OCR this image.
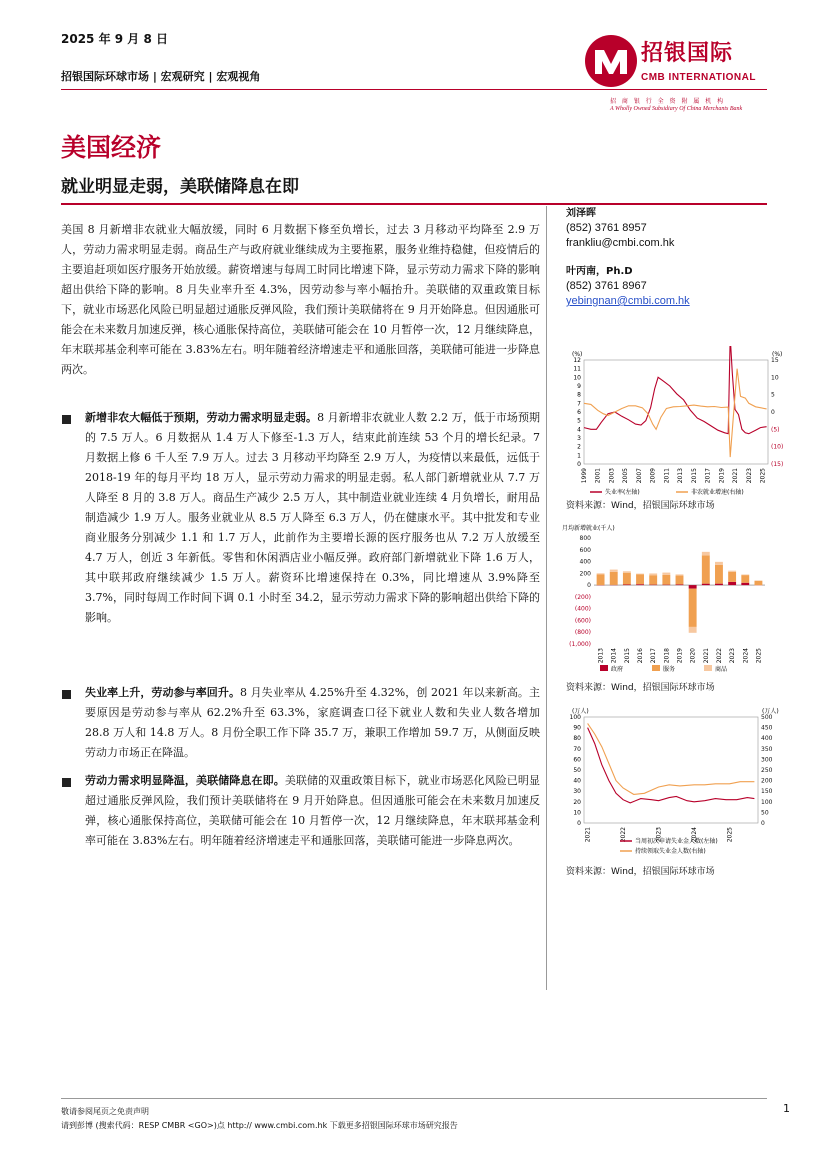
2025 年 9 月 8 日
招银国际环球市场 | 宏观研究 | 宏观视角
招银国际
CMB INTERNATIONAL
招 商 银 行 全 资 附 属 机 构
A Wholly Owned Subsidiary Of China Merchants Bank
美国经济
就业明显走弱，美联储降息在即
美国 8 月新增非农就业大幅放缓，同时 6 月数据下修至负增长，过去 3 月移动平均降至 2.9 万人，劳动力需求明显走弱。商品生产与政府就业继续成为主要拖累，服务业维持稳健，但疫情后的主要追赶项如医疗服务开始放缓。薪资增速与每周工时同比增速下降，显示劳动力需求下降的影响超出供给下降的影响。8 月失业率升至 4.3%，因劳动参与率小幅抬升。美联储的双重政策目标下，就业市场恶化风险已明显超过通胀反弹风险，我们预计美联储将在 9 月开始降息。但因通胀可能会在未来数月加速反弹，核心通胀保持高位，美联储可能会在 10 月暂停一次，12 月继续降息，年末联邦基金利率可能在 3.83%左右。明年随着经济增速走平和通胀回落，美联储可能进一步降息两次。
新增非农大幅低于预期，劳动力需求明显走弱。8 月新增非农就业人数 2.2 万，低于市场预期的 7.5 万人。6 月数据从 1.4 万人下修至-1.3 万人，结束此前连续 53 个月的增长纪录。7 月数据上修 6 千人至 7.9 万人。过去 3 月移动平均降至 2.9 万人，为疫情以来最低，远低于 2018-19 年的每月平均 18 万人，显示劳动力需求的明显走弱。私人部门新增就业从 7.7 万人降至 8 月的 3.8 万人。商品生产减少 2.5 万人，其中制造业就业连续 4 月负增长，耐用品制造减少 1.9 万人。服务业就业从 8.5 万人降至 6.3 万人，仍在健康水平。其中批发和专业商业服务分别减少 1.1 和 1.7 万人，此前作为主要增长源的医疗服务也从 7.2 万人放缓至 4.7 万人，创近 3 年新低。零售和休闲酒店业小幅反弹。政府部门新增就业下降 1.6 万人，其中联邦政府继续减少 1.5 万人。薪资环比增速保持在 0.3%，同比增速从 3.9%降至 3.7%，同时每周工作时间下调 0.1 小时至 34.2，显示劳动力需求下降的影响超出供给下降的影响。
失业率上升，劳动参与率回升。8 月失业率从 4.25%升至 4.32%，创 2021 年以来新高。主要原因是劳动参与率从 62.2%升至 63.3%，家庭调查口径下就业人数和失业人数各增加 28.8 万人和 14.8 万人。8 月份全职工作下降 35.7 万，兼职工作增加 59.7 万，从侧面反映劳动力市场正在降温。
劳动力需求明显降温，美联储降息在即。美联储的双重政策目标下，就业市场恶化风险已明显超过通胀反弹风险，我们预计美联储将在 9 月开始降息。但因通胀可能会在未来数月加速反弹，核心通胀保持高位，美联储可能会在 10 月暂停一次，12 月继续降息，年末联邦基金利率可能在 3.83%左右。明年随着经济增速走平和通胀回落，美联储可能进一步降息两次。
刘泽晖
(852) 3761 8957
frankliu@cmbi.com.hk
叶丙南，Ph.D
(852) 3761 8967
yebingnan@cmbi.com.hk
(%)	(%)
0
1
2
3
4
5
6
7
8
9
10
11
12	15
10
5
0
(5)
(10)
(15)
1999 2001 2003 2005 2007 2009 2011 2013 2015 2017 2019 2021 2023 2025
失业率(左轴)	非农就业增速(右轴)
资料来源：Wind，招银国际环球市场
月均新增就业(千人)
800
600
400
200
0
(200)
(400)
(600)
(800)
(1,000)
2013 2014 2015 2016 2017 2018 2019 2020 2021 2022 2023 2024 2025
政府	服务	商品
资料来源：Wind，招银国际环球市场
(万人)	(万人)
100
90
80
70
60
50
40
30
20
10
0
500
450
400
350
300
250
200
150
100
50
0
2021	2022	2023	2024	2025
当周初次申请失业金人数(左轴)
持续领取失业金人数(右轴)
资料来源：Wind，招银国际环球市场
敬请参阅尾页之免责声明
请到彭博 (搜索代码：RESP CMBR <GO>)点 http:// www.cmbi.com.hk 下载更多招银国际环球市场研究报告
1
